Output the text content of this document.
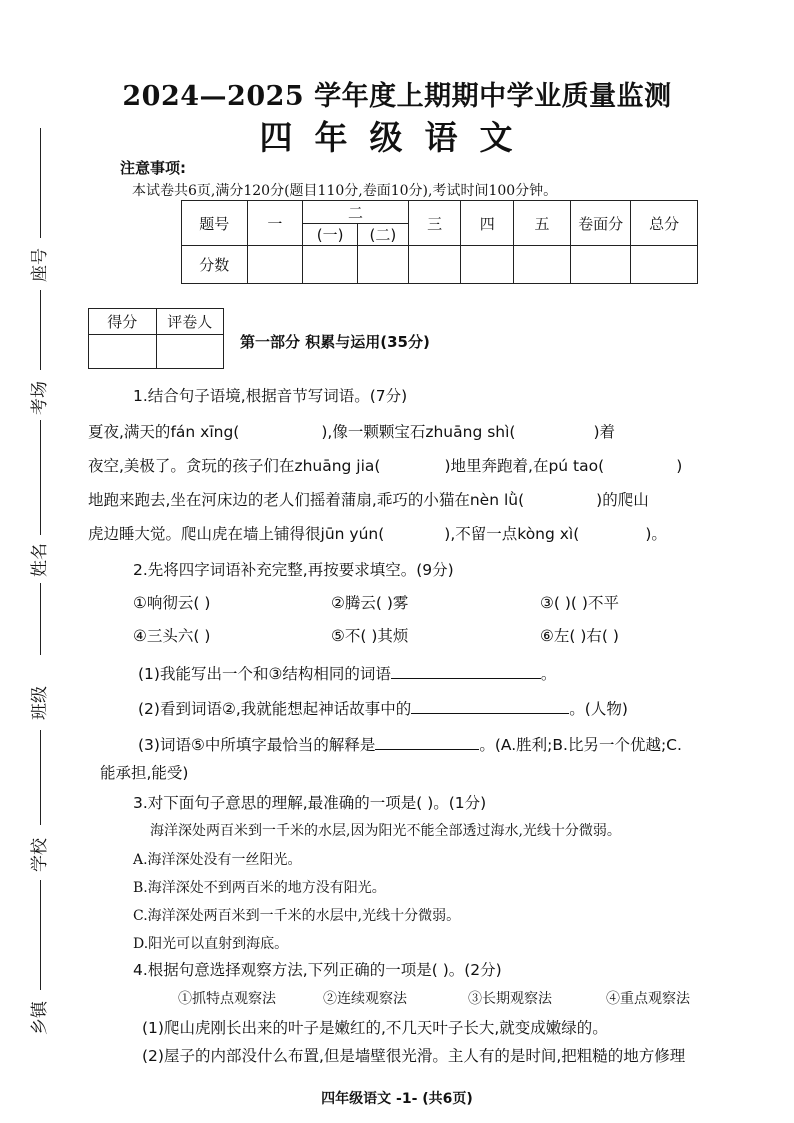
座号
考场
姓名
班级
学校
乡镇
2024—2025 学年度上期期中学业质量监测
四年级语文
注意事项:
本试卷共6页,满分120分(题目110分,卷面10分),考试时间100分钟。
题号	一	二		三	四	五	卷面分	总分
		(一)	(二)					
分数								
得分	评卷人

第一部分 积累与运用(35分)
1.结合句子语境,根据音节写词语。(7分)
夏夜,满天的fán xīng(	),像一颗颗宝石zhuāng shì(	)着
夜空,美极了。贪玩的孩子们在zhuāng jia(	)地里奔跑着,在pú tao(	)
地跑来跑去,坐在河床边的老人们摇着蒲扇,乖巧的小猫在nèn lǜ(	)的爬山
虎边睡大觉。爬山虎在墙上铺得很jūn yún(	),不留一点kòng xì(	)。
2.先将四字词语补充完整,再按要求填空。(9分)
①响彻云( )	②腾云( )雾	③( )( )不平
④三头六( )	⑤不( )其烦	⑥左( )右( )
(1)我能写出一个和③结构相同的词语	。
(2)看到词语②,我就能想起神话故事中的	。(人物)
(3)词语⑤中所填字最恰当的解释是	。(A.胜利;B.比另一个优越;C.
能承担,能受)
3.对下面句子意思的理解,最准确的一项是( )。(1分)
海洋深处两百米到一千米的水层,因为阳光不能全部透过海水,光线十分微弱。
A.海洋深处没有一丝阳光。
B.海洋深处不到两百米的地方没有阳光。
C.海洋深处两百米到一千米的水层中,光线十分微弱。
D.阳光可以直射到海底。
4.根据句意选择观察方法,下列正确的一项是( )。(2分)
①抓特点观察法	②连续观察法	③长期观察法	④重点观察法
(1)爬山虎刚长出来的叶子是嫩红的,不几天叶子长大,就变成嫩绿的。
(2)屋子的内部没什么布置,但是墙壁很光滑。主人有的是时间,把粗糙的地方修理
四年级语文 -1- (共6页)
